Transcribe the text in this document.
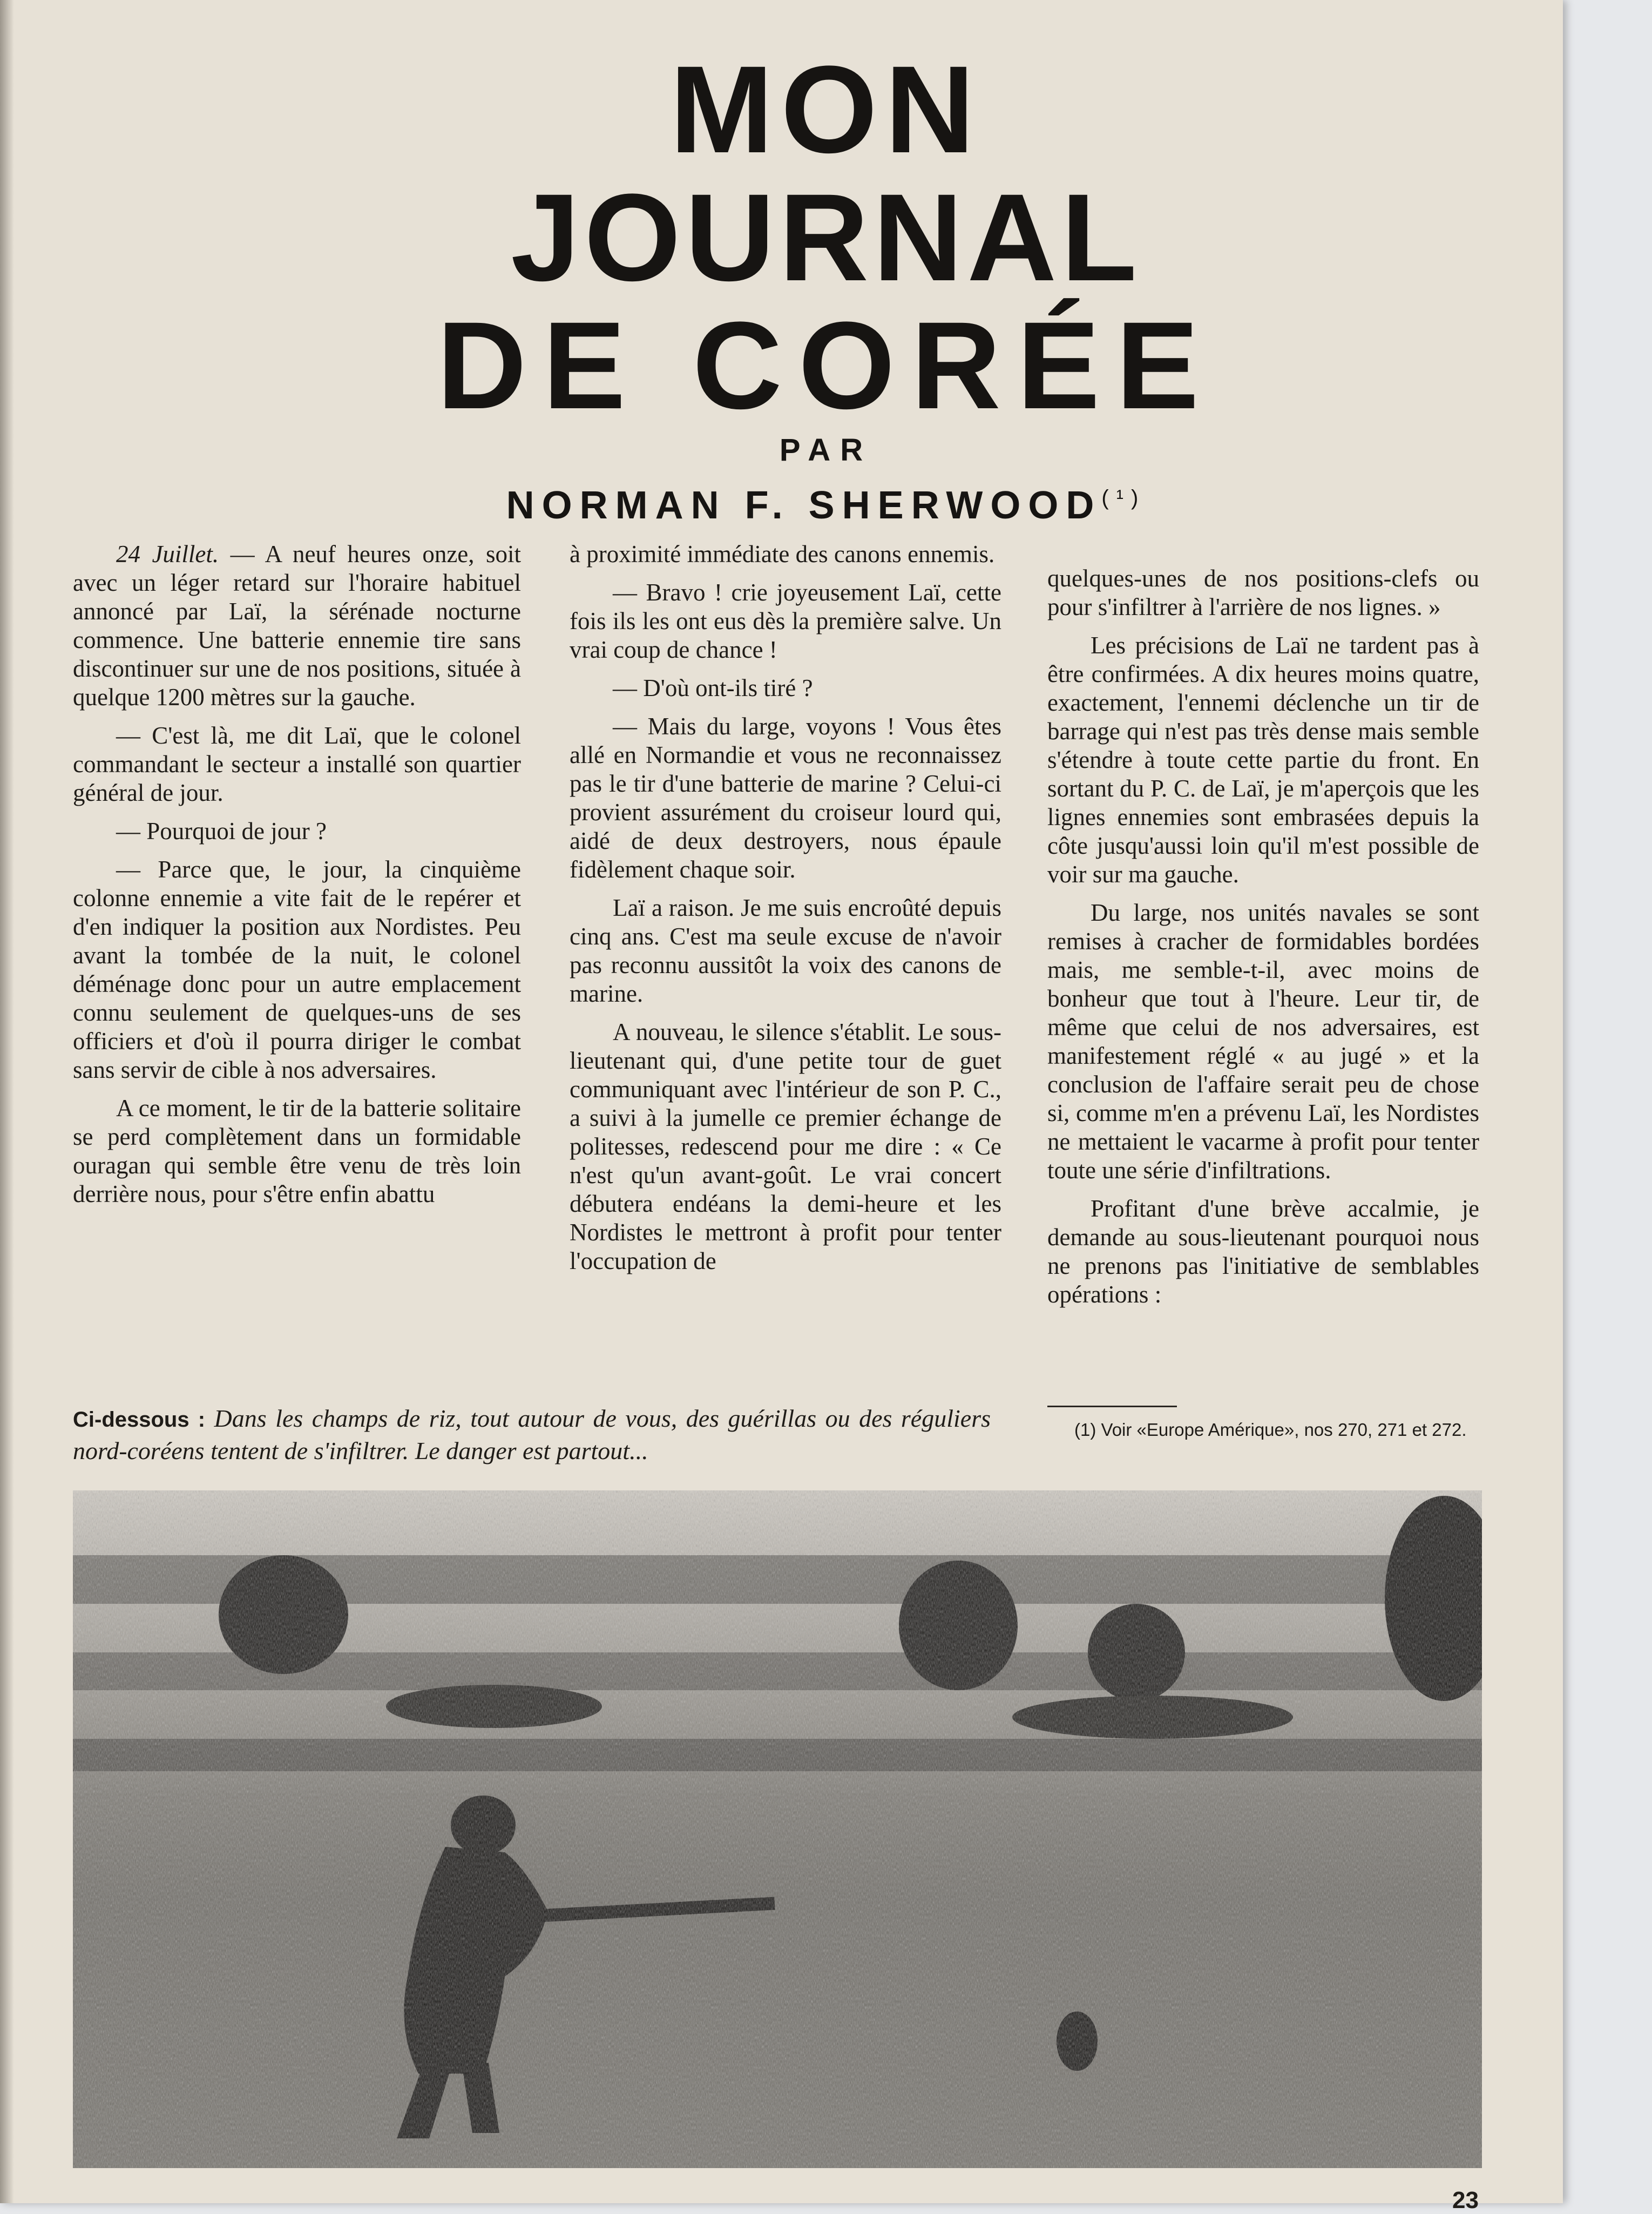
MON
JOURNAL
DE CORÉE
PAR
NORMAN F. SHERWOOD$^{(^1)}$

24 Juillet. — A neuf heures onze, soit avec un léger retard sur l'horaire habituel annoncé par Laï, la sérénade nocturne commence. Une batterie ennemie tire sans discontinuer sur une de nos positions, située à quelque 1200 mètres sur la gauche.

— C'est là, me dit Laï, que le colonel commandant le secteur a installé son quartier général de jour.

— Pourquoi de jour ?

— Parce que, le jour, la cinquième colonne ennemie a vite fait de le repérer et d'en indiquer la position aux Nordistes. Peu avant la tombée de la nuit, le colonel déménage donc pour un autre emplacement connu seulement de quelques-uns de ses officiers et d'où il pourra diriger le combat sans servir de cible à nos adversaires.

A ce moment, le tir de la batterie solitaire se perd complètement dans un formidable ouragan qui semble être venu de très loin derrière nous, pour s'être enfin abattu

à proximité immédiate des canons ennemis.

— Bravo ! crie joyeusement Laï, cette fois ils les ont eus dès la première salve. Un vrai coup de chance !

— D'où ont-ils tiré ?

— Mais du large, voyons ! Vous êtes allé en Normandie et vous ne reconnaissez pas le tir d'une batterie de marine ? Celui-ci provient assurément du croiseur lourd qui, aidé de deux destroyers, nous épaule fidèlement chaque soir.

Laï a raison. Je me suis encroûté depuis cinq ans. C'est ma seule excuse de n'avoir pas reconnu aussitôt la voix des canons de marine.

A nouveau, le silence s'établit. Le sous-lieutenant qui, d'une petite tour de guet communiquant avec l'intérieur de son P. C., a suivi à la jumelle ce premier échange de politesses, redescend pour me dire : « Ce n'est qu'un avant-goût. Le vrai concert débutera endéans la demi-heure et les Nordistes le mettront à profit pour tenter l'occupation de

quelques-unes de nos positions-clefs ou pour s'infiltrer à l'arrière de nos lignes. »

Les précisions de Laï ne tardent pas à être confirmées. A dix heures moins quatre, exactement, l'ennemi déclenche un tir de barrage qui n'est pas très dense mais semble s'étendre à toute cette partie du front. En sortant du P. C. de Laï, je m'aperçois que les lignes ennemies sont embrasées depuis la côte jusqu'aussi loin qu'il m'est possible de voir sur ma gauche.

Du large, nos unités navales se sont remises à cracher de formidables bordées mais, me semble-t-il, avec moins de bonheur que tout à l'heure. Leur tir, de même que celui de nos adversaires, est manifestement réglé « au jugé » et la conclusion de l'affaire serait peu de chose si, comme m'en a prévenu Laï, les Nordistes ne mettaient le vacarme à profit pour tenter toute une série d'infiltrations.

Profitant d'une brève accalmie, je demande au sous-lieutenant pourquoi nous ne prenons pas l'initiative de semblables opérations :

Ci-dessous : Dans les champs de riz, tout autour de vous, des guérillas ou des réguliers nord-coréens tentent de s'infiltrer. Le danger est partout...
(1) Voir «Europe Amérique», nos 270, 271 et 272.
23
